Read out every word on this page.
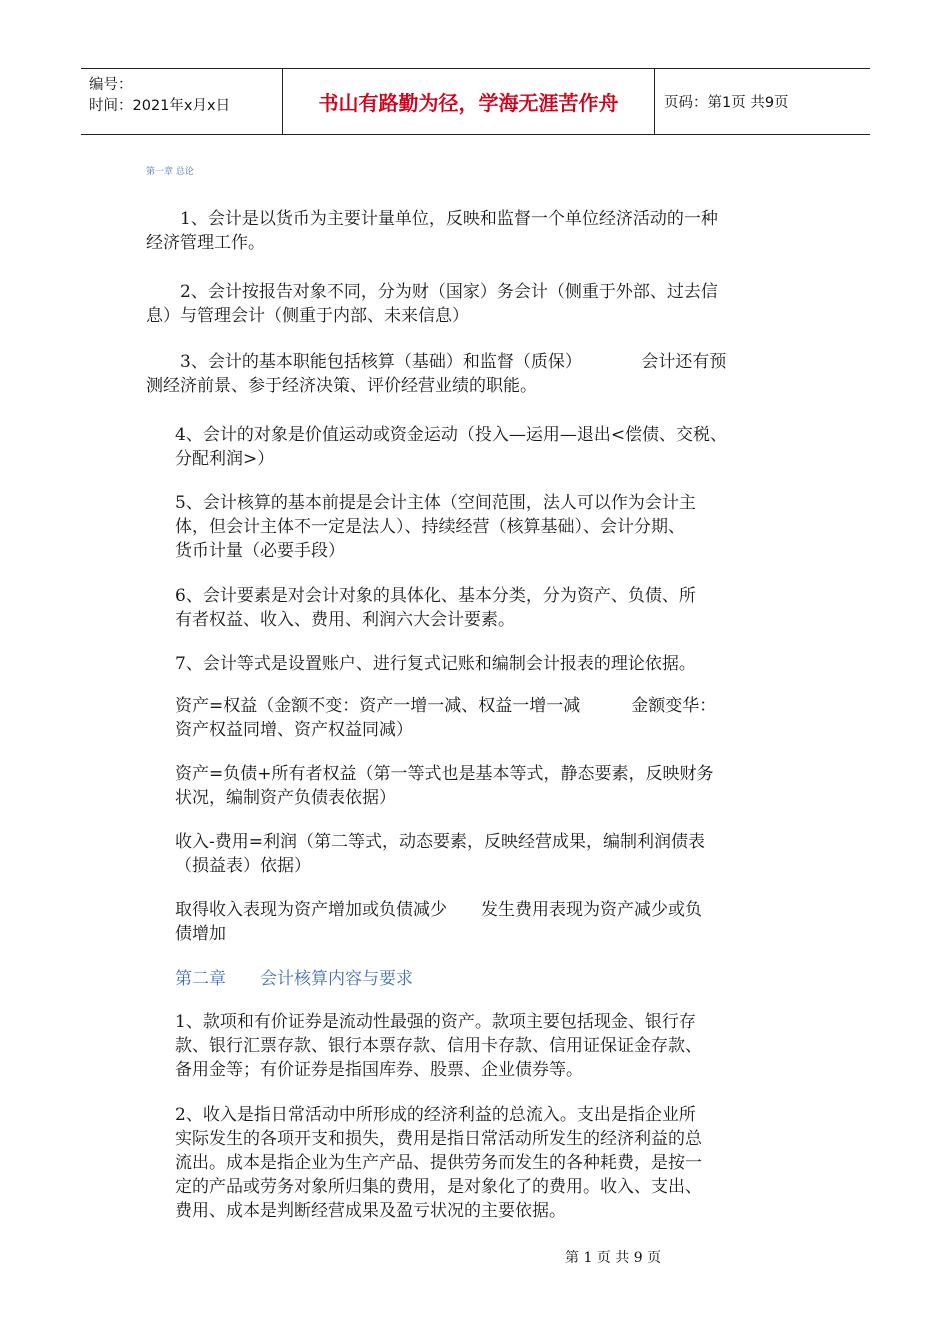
编号：
时间：2021年x月x日	书山有路勤为径，学海无涯苦作舟	页码：第1页 共9页
第一章 总论
　　1、会计是以货币为主要计量单位，反映和监督一个单位经济活动的一种
经济管理工作。
　　2、会计按报告对象不同，分为财（国家）务会计（侧重于外部、过去信
息）与管理会计（侧重于内部、未来信息）
　　3、会计的基本职能包括核算（基础）和监督（质保）　　　　会计还有预
测经济前景、参于经济决策、评价经营业绩的职能。
4、会计的对象是价值运动或资金运动（投入—运用—退出<偿债、交税、
分配利润>）
5、会计核算的基本前提是会计主体（空间范围，法人可以作为会计主
体，但会计主体不一定是法人）、持续经营（核算基础）、会计分期、
货币计量（必要手段）
6、会计要素是对会计对象的具体化、基本分类，分为资产、负债、所
有者权益、收入、费用、利润六大会计要素。
7、会计等式是设置账户、进行复式记账和编制会计报表的理论依据。
资产=权益（金额不变：资产一增一减、权益一增一减　　　金额变华：
资产权益同增、资产权益同减）
资产=负债+所有者权益（第一等式也是基本等式，静态要素，反映财务
状况，编制资产负债表依据）
收入-费用=利润（第二等式，动态要素，反映经营成果，编制利润债表
（损益表）依据）
取得收入表现为资产增加或负债减少　　发生费用表现为资产减少或负
债增加
第二章　　会计核算内容与要求
1、款项和有价证券是流动性最强的资产。款项主要包括现金、银行存
款、银行汇票存款、银行本票存款、信用卡存款、信用证保证金存款、
备用金等；有价证券是指国库券、股票、企业债券等。
2、收入是指日常活动中所形成的经济利益的总流入。支出是指企业所
实际发生的各项开支和损失，费用是指日常活动所发生的经济利益的总
流出。成本是指企业为生产产品、提供劳务而发生的各种耗费，是按一
定的产品或劳务对象所归集的费用，是对象化了的费用。收入、支出、
费用、成本是判断经营成果及盈亏状况的主要依据。
第 1 页 共 9 页
